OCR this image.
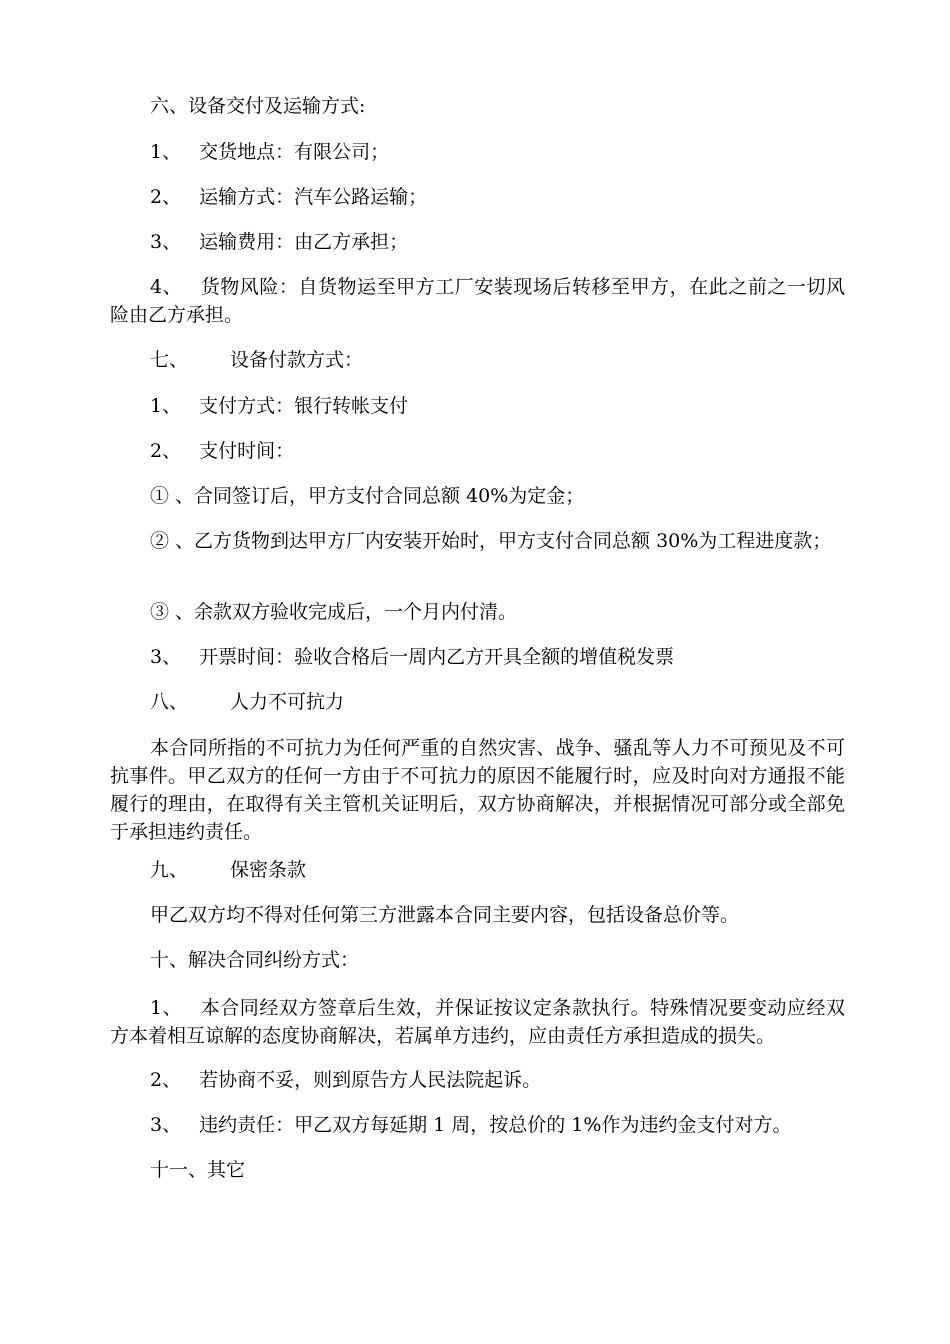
六、设备交付及运输方式:

1、 交货地点：有限公司；

2、 运输方式：汽车公路运输；

3、 运输费用：由乙方承担；

4、 货物风险：自货物运至甲方工厂安装现场后转移至甲方，在此之前之一切风险由乙方承担。

七、 设备付款方式：

1、 支付方式：银行转帐支付

2、 支付时间：

① 、合同签订后，甲方支付合同总额 40%为定金；

② 、乙方货物到达甲方厂内安装开始时，甲方支付合同总额 30%为工程进度款；

③ 、余款双方验收完成后，一个月内付清。

3、 开票时间：验收合格后一周内乙方开具全额的增值税发票

八、 人力不可抗力

本合同所指的不可抗力为任何严重的自然灾害、战争、骚乱等人力不可预见及不可抗事件。甲乙双方的任何一方由于不可抗力的原因不能履行时，应及时向对方通报不能履行的理由，在取得有关主管机关证明后，双方协商解决，并根据情况可部分或全部免于承担违约责任。

九、 保密条款

甲乙双方均不得对任何第三方泄露本合同主要内容，包括设备总价等。

十、解决合同纠纷方式：

1、 本合同经双方签章后生效，并保证按议定条款执行。特殊情况要变动应经双方本着相互谅解的态度协商解决，若属单方违约，应由责任方承担造成的损失。

2、 若协商不妥，则到原告方人民法院起诉。

3、 违约责任：甲乙双方每延期 1 周，按总价的 1%作为违约金支付对方。

十一、其它
